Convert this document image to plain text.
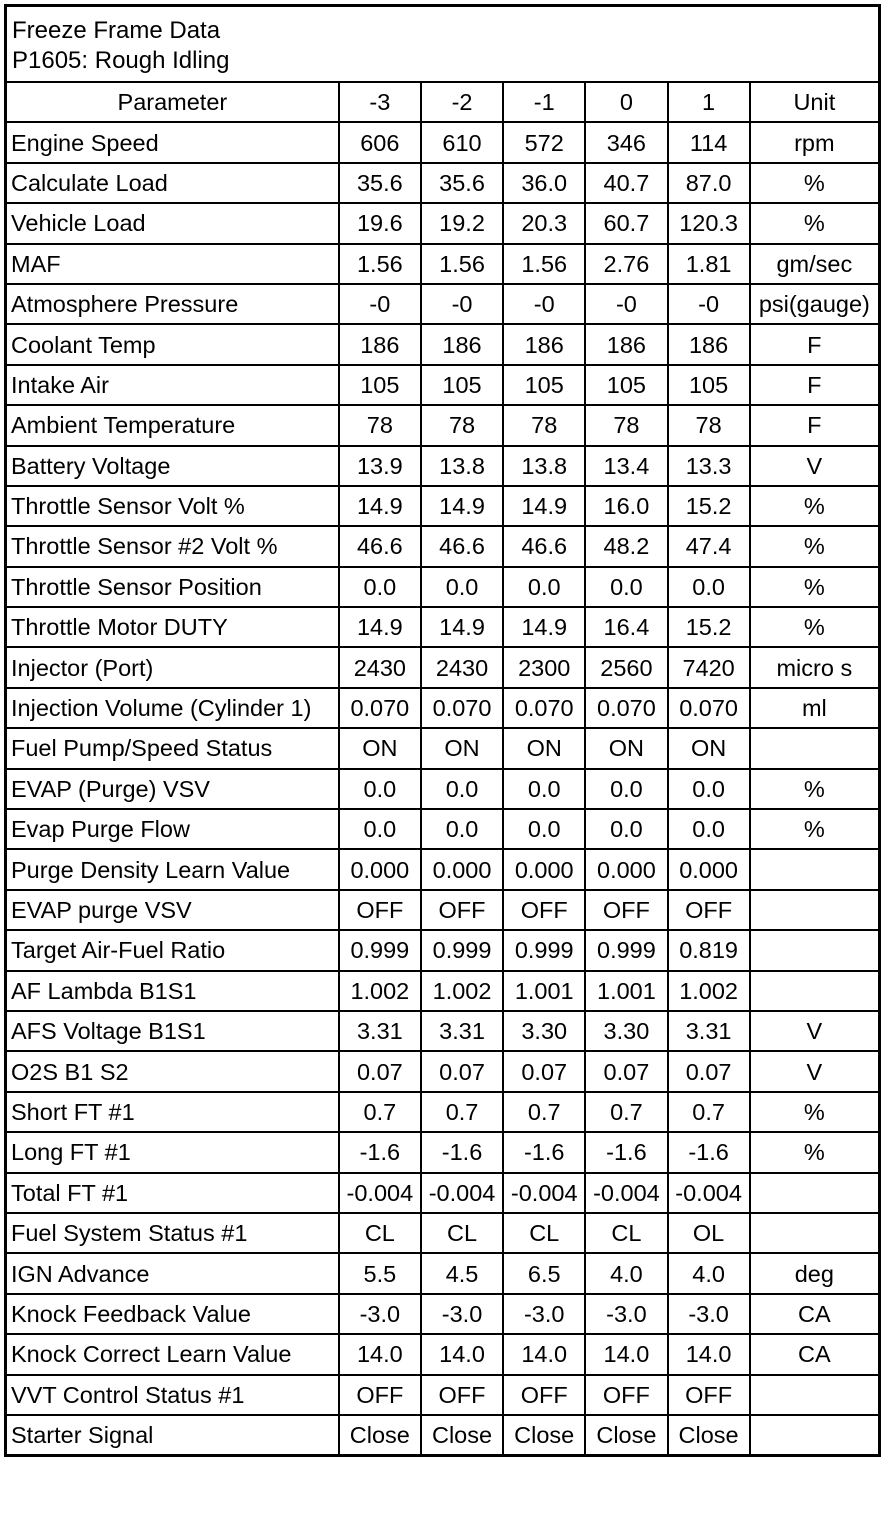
Freeze Frame Data
P1605: Rough Idling
Parameter	-3	-2	-1	0	1	Unit
Engine Speed	606	610	572	346	114	rpm
Calculate Load	35.6	35.6	36.0	40.7	87.0	%
Vehicle Load	19.6	19.2	20.3	60.7	120.3	%
MAF	1.56	1.56	1.56	2.76	1.81	gm/sec
Atmosphere Pressure	-0	-0	-0	-0	-0	psi(gauge)
Coolant Temp	186	186	186	186	186	F
Intake Air	105	105	105	105	105	F
Ambient Temperature	78	78	78	78	78	F
Battery Voltage	13.9	13.8	13.8	13.4	13.3	V
Throttle Sensor Volt %	14.9	14.9	14.9	16.0	15.2	%
Throttle Sensor #2 Volt %	46.6	46.6	46.6	48.2	47.4	%
Throttle Sensor Position	0.0	0.0	0.0	0.0	0.0	%
Throttle Motor DUTY	14.9	14.9	14.9	16.4	15.2	%
Injector (Port)	2430	2430	2300	2560	7420	micro s
Injection Volume (Cylinder 1)	0.070	0.070	0.070	0.070	0.070	ml
Fuel Pump/Speed Status	ON	ON	ON	ON	ON	
EVAP (Purge) VSV	0.0	0.0	0.0	0.0	0.0	%
Evap Purge Flow	0.0	0.0	0.0	0.0	0.0	%
Purge Density Learn Value	0.000	0.000	0.000	0.000	0.000	
EVAP purge VSV	OFF	OFF	OFF	OFF	OFF	
Target Air-Fuel Ratio	0.999	0.999	0.999	0.999	0.819	
AF Lambda B1S1	1.002	1.002	1.001	1.001	1.002	
AFS Voltage B1S1	3.31	3.31	3.30	3.30	3.31	V
O2S B1 S2	0.07	0.07	0.07	0.07	0.07	V
Short FT #1	0.7	0.7	0.7	0.7	0.7	%
Long FT #1	-1.6	-1.6	-1.6	-1.6	-1.6	%
Total FT #1	-0.004	-0.004	-0.004	-0.004	-0.004	
Fuel System Status #1	CL	CL	CL	CL	OL	
IGN Advance	5.5	4.5	6.5	4.0	4.0	deg
Knock Feedback Value	-3.0	-3.0	-3.0	-3.0	-3.0	CA
Knock Correct Learn Value	14.0	14.0	14.0	14.0	14.0	CA
VVT Control Status #1	OFF	OFF	OFF	OFF	OFF	
Starter Signal	Close	Close	Close	Close	Close	
